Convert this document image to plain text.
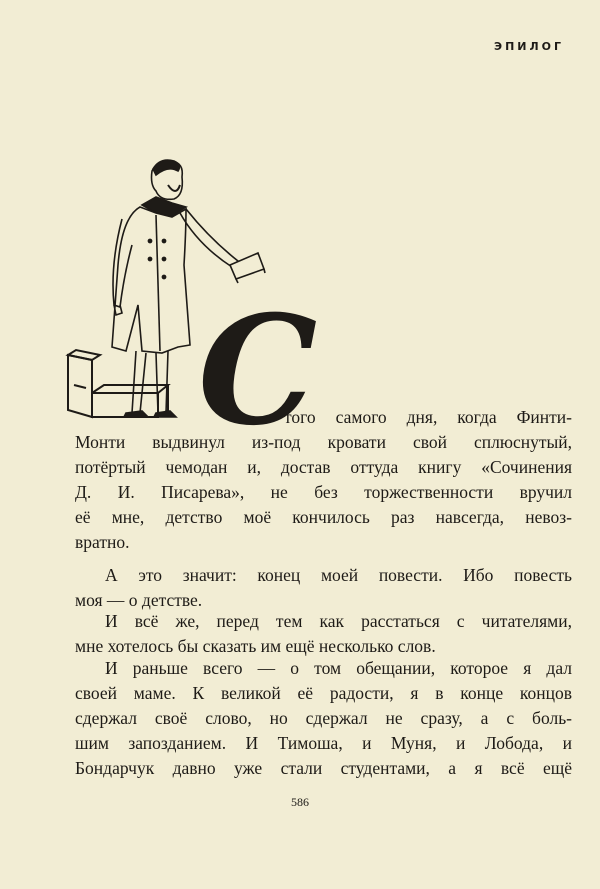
ЭПИЛОГ
С
того самого дня, когда Финти-
Монти выдвинул из-под кровати свой сплюснутый,
потёртый чемодан и, достав оттуда книгу «Сочинения
Д. И. Писарева», не без торжественности вручил
её мне, детство моё кончилось раз навсегда, невоз-
вратно.
А это значит: конец моей повести. Ибо повесть
моя — о детстве.
И всё же, перед тем как расстаться с читателями,
мне хотелось бы сказать им ещё несколько слов.
И раньше всего — о том обещании, которое я дал
своей маме. К великой её радости, я в конце концов
сдержал своё слово, но сдержал не сразу, а с боль-
шим запозданием. И Тимоша, и Муня, и Лобода, и
Бондарчук давно уже стали студентами, а я всё ещё
586
